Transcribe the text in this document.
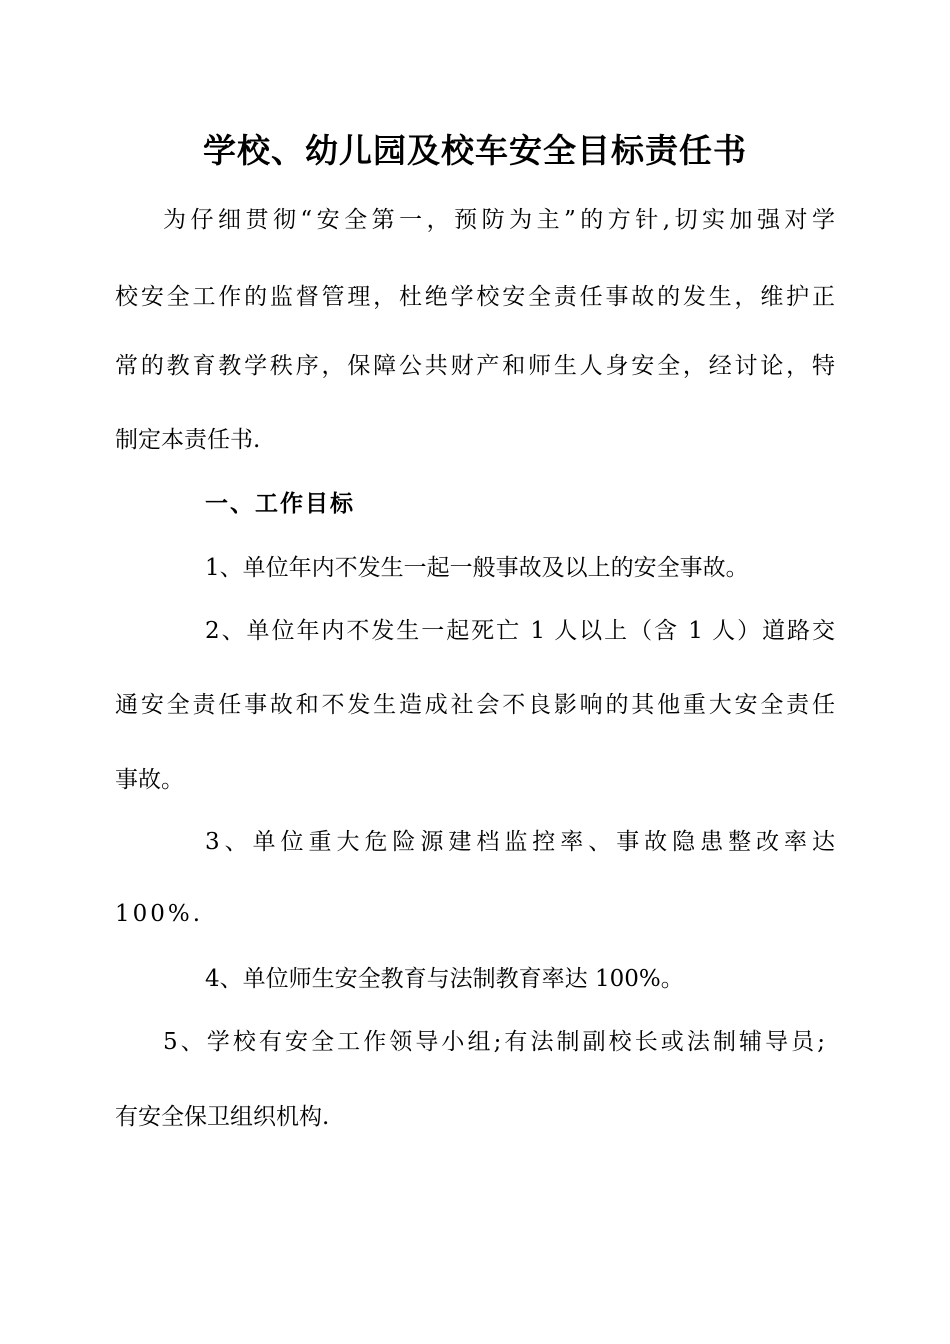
学校、幼儿园及校车安全目标责任书
为仔细贯彻“安全第一，预防为主”的方针,切实加强对学
校安全工作的监督管理，杜绝学校安全责任事故的发生，维护正
常的教育教学秩序，保障公共财产和师生人身安全，经讨论，特
制定本责任书.
一、工作目标
1、单位年内不发生一起一般事故及以上的安全事故。
2、单位年内不发生一起死亡 1 人以上（含 1 人）道路交
通安全责任事故和不发生造成社会不良影响的其他重大安全责任
事故。
3、单位重大危险源建档监控率、事故隐患整改率达
100%.
4、单位师生安全教育与法制教育率达 100%。
5、学校有安全工作领导小组;有法制副校长或法制辅导员;
有安全保卫组织机构.
